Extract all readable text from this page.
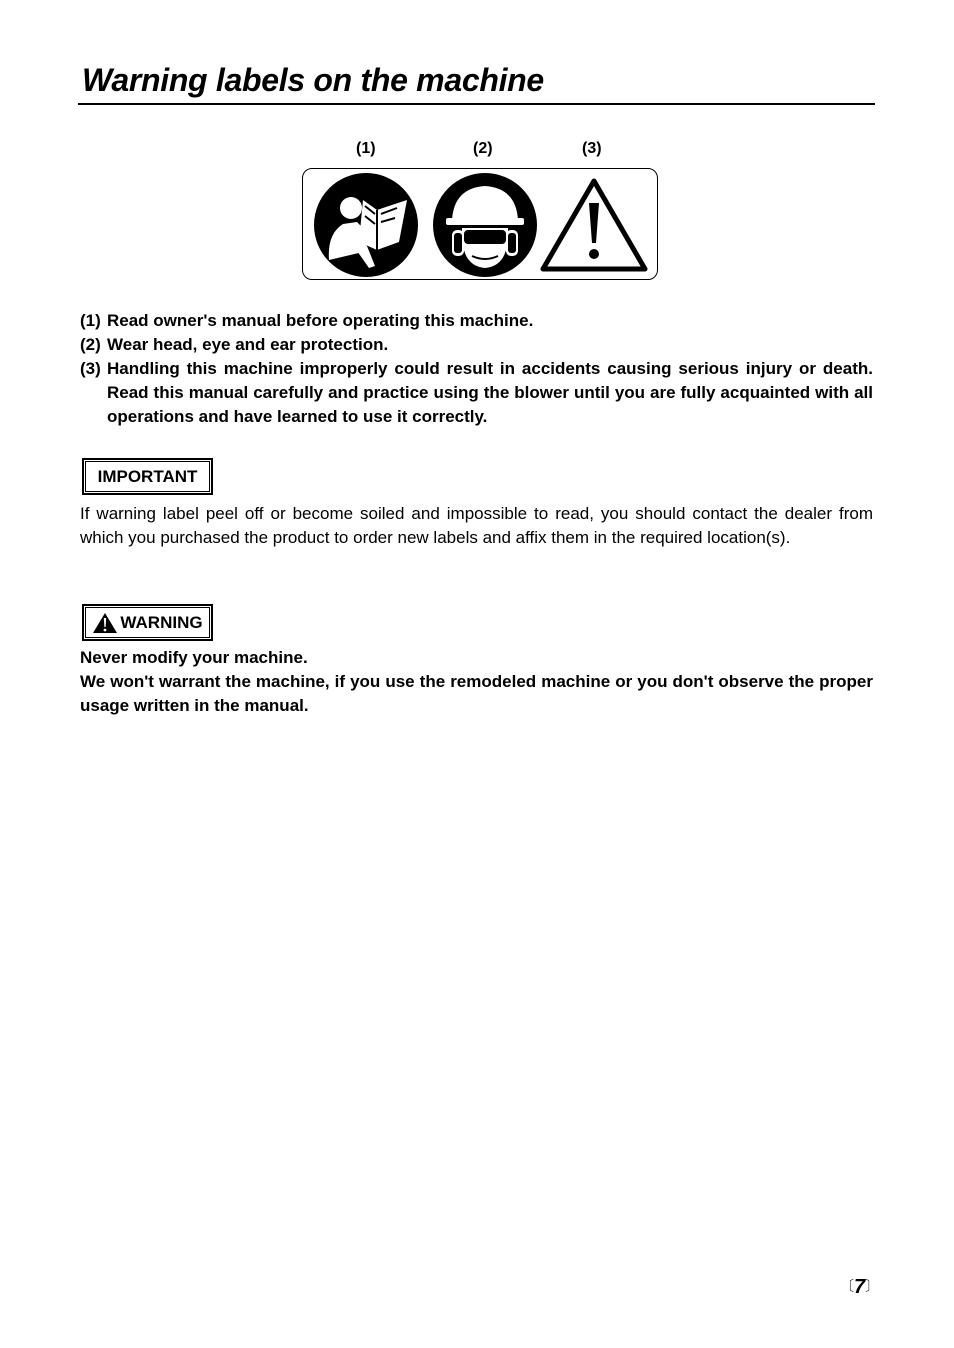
Warning labels on the machine
(1)	(2)	(3)
(1) Read owner's manual before operating this machine.
(2) Wear head, eye and ear protection.
(3) Handling this machine improperly could result in accidents causing serious injury or death. Read this manual carefully and practice using the blower until you are fully acquainted with all operations and have learned to use it correctly.
IMPORTANT
If warning label peel off or become soiled and impossible to read, you should contact the dealer from which you purchased the product to order new labels and affix them in the required location(s).
WARNING
Never modify your machine.
We won't warrant the machine, if you use the remodeled machine or you don't observe the proper usage written in the manual.
〔7〕
